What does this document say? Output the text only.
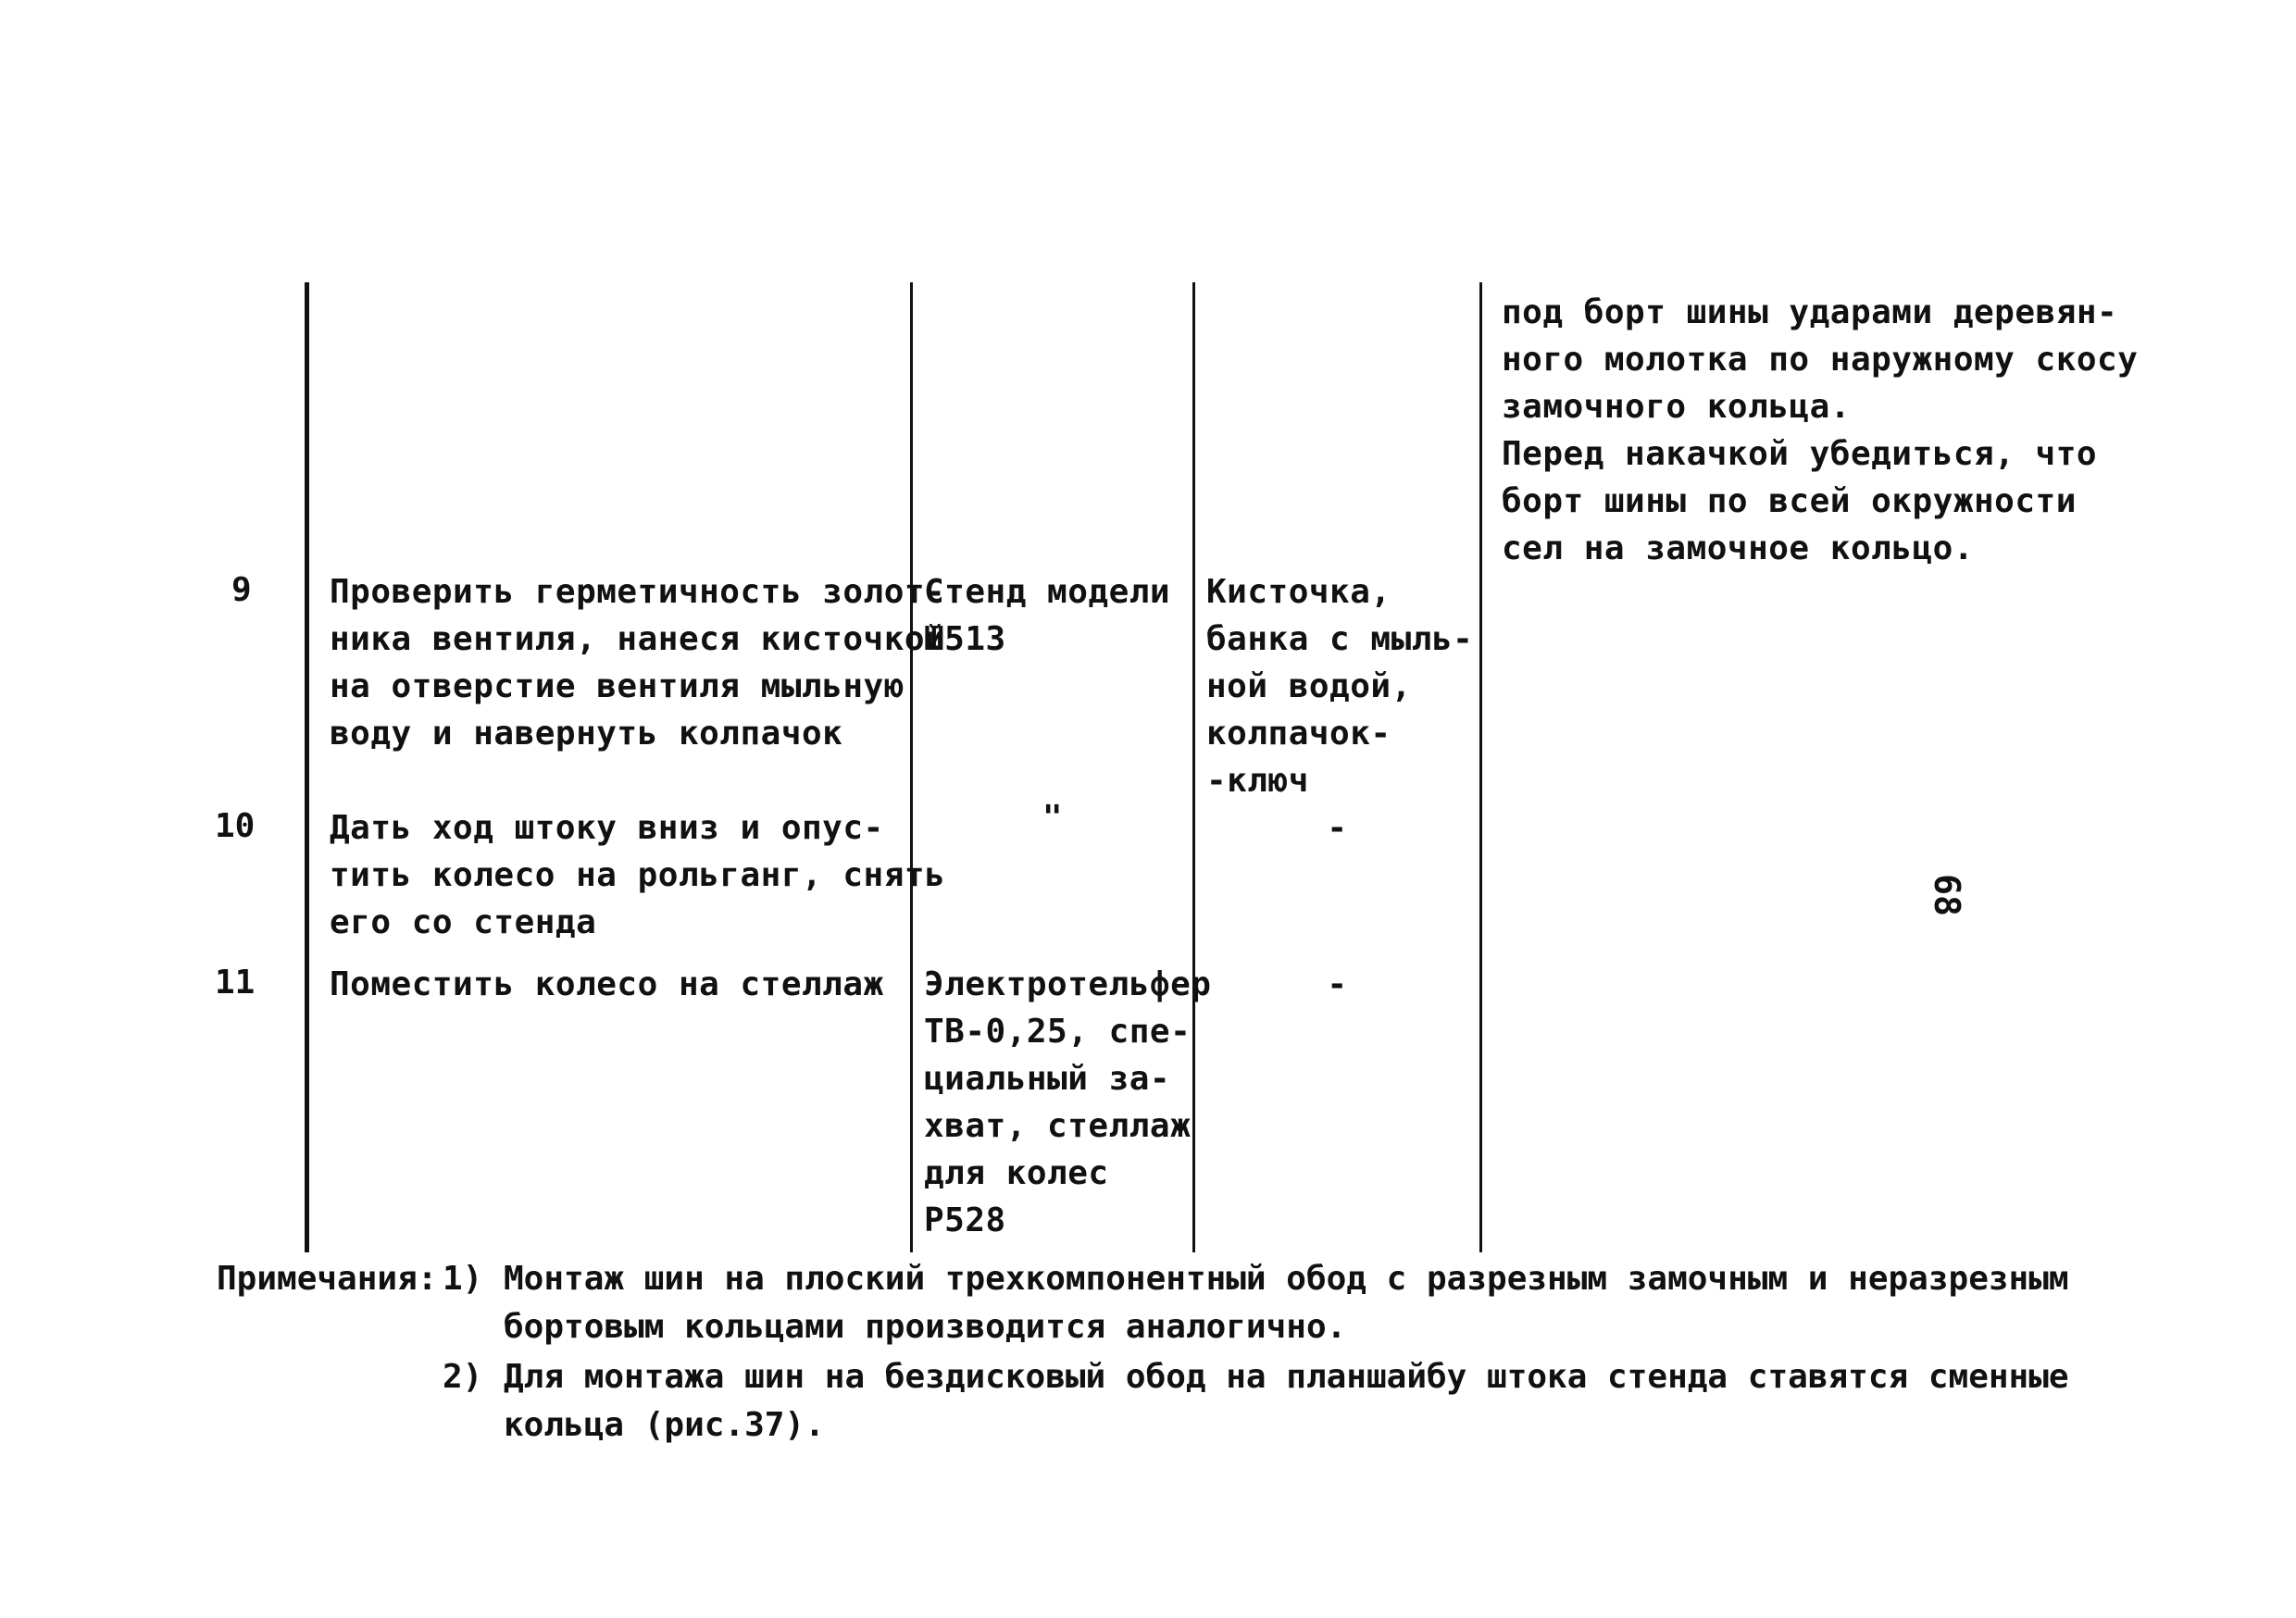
под борт шины ударами деревян-
ного молотка по наружному скосу
замочного кольца.
Перед накачкой убедиться, что
борт шины по всей окружности
сел на замочное кольцо.
9 Проверить герметичность золот-
ника вентиля, нанеся кисточкой
на отверстие вентиля мыльную
воду и навернуть колпачок
Стенд модели
Ш513
Кисточка,
банка с мыль-
ной водой,
колпачок-
-ключ
10 Дать ход штоку вниз и опус-
тить колесо на рольганг, снять
его со стенда
"	-
11 Поместить колесо на стеллаж Электротельфер
ТВ-0,25, спе-
циальный за-
хват, стеллаж
для колес
Р528
-
68
Примечания: 1) Монтаж шин на плоский трехкомпонентный обод с разрезным замочным и неразрезным
бортовым кольцами производится аналогично.
2) Для монтажа шин на бездисковый обод на планшайбу штока стенда ставятся сменные
кольца (рис.37).
